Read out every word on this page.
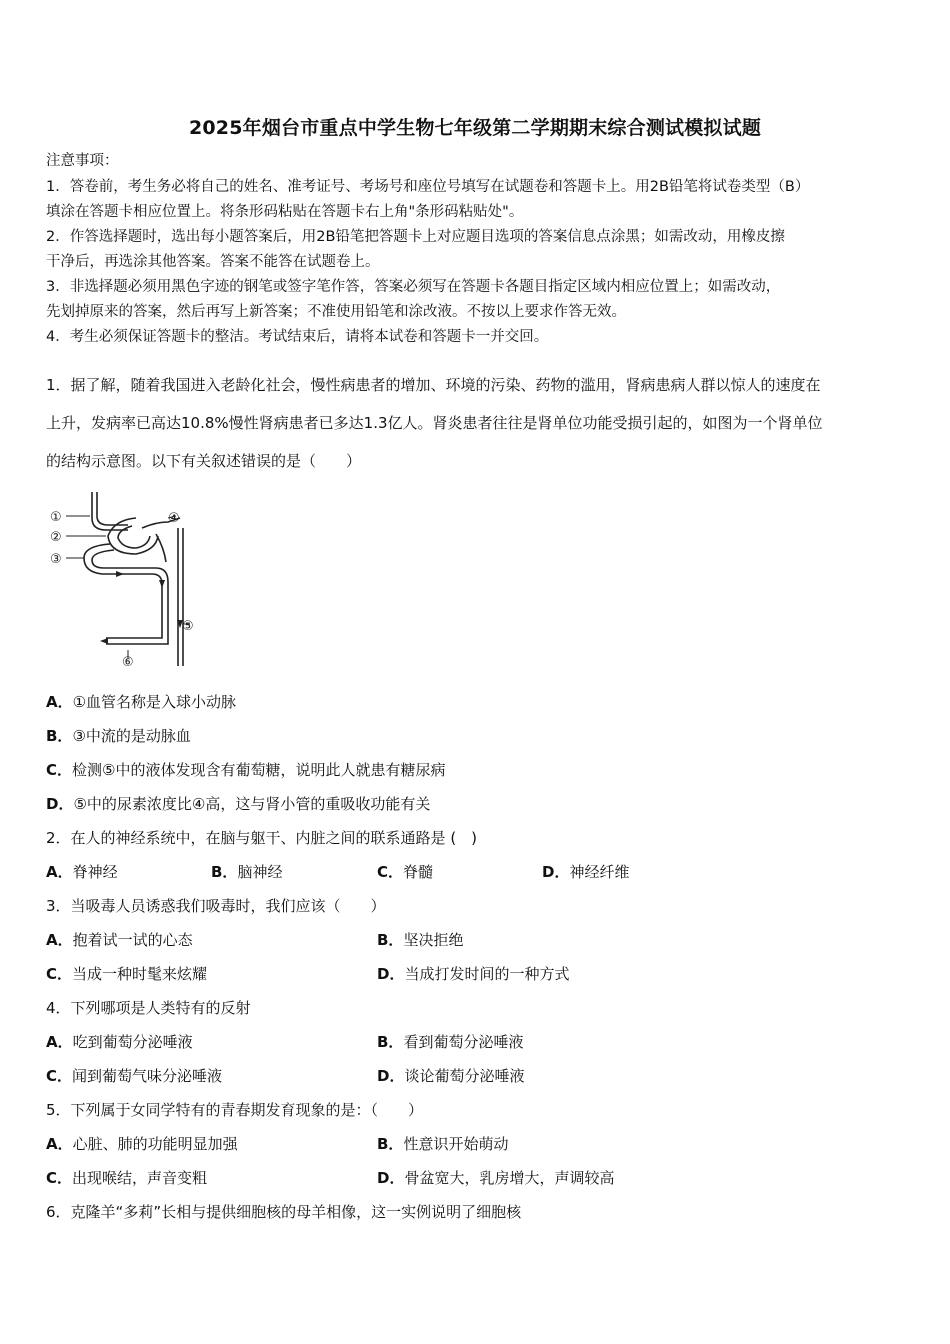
2025年烟台市重点中学生物七年级第二学期期末综合测试模拟试题
注意事项：
1．答卷前，考生务必将自己的姓名、准考证号、考场号和座位号填写在试题卷和答题卡上。用2B铅笔将试卷类型（B）
填涂在答题卡相应位置上。将条形码粘贴在答题卡右上角"条形码粘贴处"。
2．作答选择题时，选出每小题答案后，用2B铅笔把答题卡上对应题目选项的答案信息点涂黑；如需改动，用橡皮擦
干净后，再选涂其他答案。答案不能答在试题卷上。
3．非选择题必须用黑色字迹的钢笔或签字笔作答，答案必须写在答题卡各题目指定区域内相应位置上；如需改动，
先划掉原来的答案，然后再写上新答案；不准使用铅笔和涂改液。不按以上要求作答无效。
4．考生必须保证答题卡的整洁。考试结束后，请将本试卷和答题卡一并交回。
1．据了解，随着我国进入老龄化社会，慢性病患者的增加、环境的污染、药物的滥用，肾病患病人群以惊人的速度在
上升，发病率已高达10.8%慢性肾病患者已多达1.3亿人。肾炎患者往往是肾单位功能受损引起的，如图为一个肾单位
的结构示意图。以下有关叙述错误的是（　　）
①
②
③
④
⑤
⑥
A．①血管名称是入球小动脉
B．③中流的是动脉血
C．检测⑤中的液体发现含有葡萄糖，说明此人就患有糖尿病
D．⑤中的尿素浓度比④高，这与肾小管的重吸收功能有关
2．在人的神经系统中，在脑与躯干、内脏之间的联系通路是 (　)
A．脊神经	B．脑神经	C．脊髓	D．神经纤维
3．当吸毒人员诱惑我们吸毒时，我们应该（　　）
A．抱着试一试的心态	B．坚决拒绝
C．当成一种时髦来炫耀	D．当成打发时间的一种方式
4．下列哪项是人类特有的反射
A．吃到葡萄分泌唾液	B．看到葡萄分泌唾液
C．闻到葡萄气味分泌唾液	D．谈论葡萄分泌唾液
5．下列属于女同学特有的青春期发育现象的是：（　　）
A．心脏、肺的功能明显加强	B．性意识开始萌动
C．出现喉结，声音变粗	D．骨盆宽大，乳房增大，声调较高
6．克隆羊“多莉”长相与提供细胞核的母羊相像，这一实例说明了细胞核
